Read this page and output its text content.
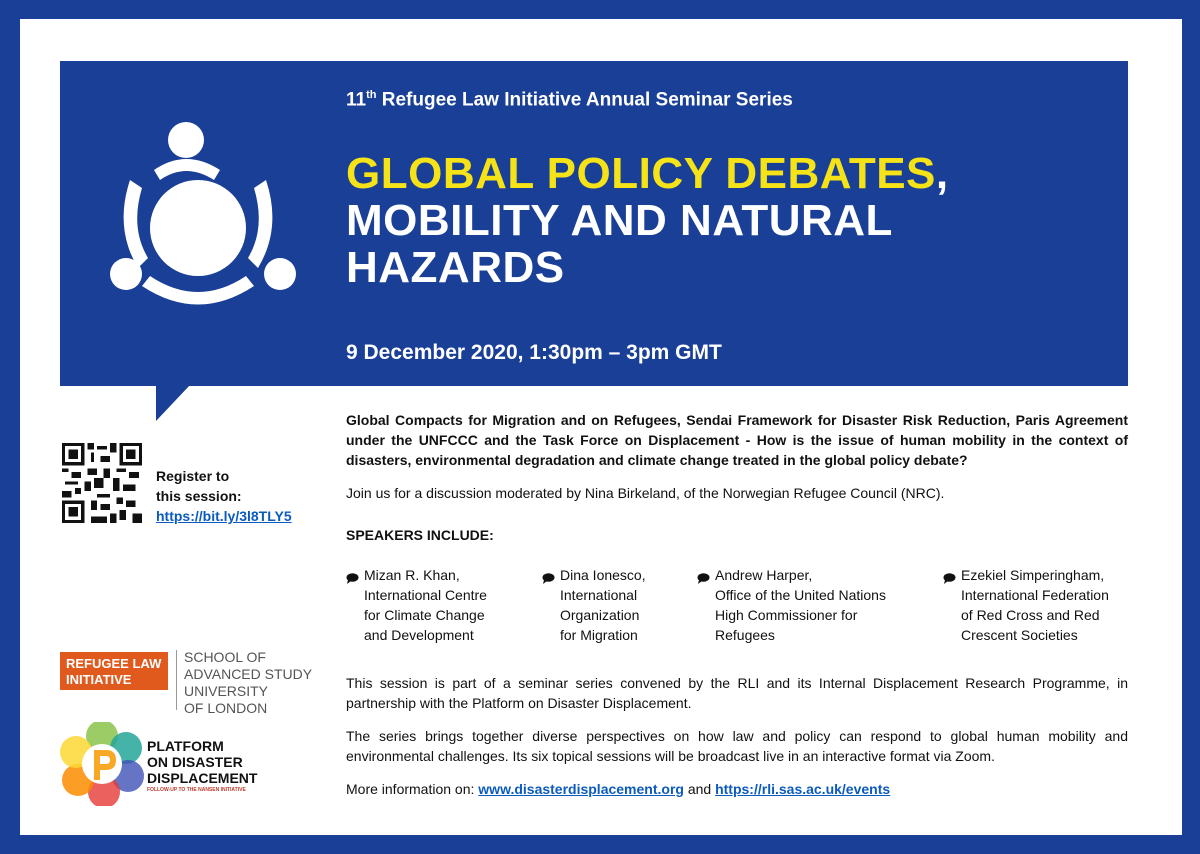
11th Refugee Law Initiative Annual Seminar Series
GLOBAL POLICY DEBATES,
MOBILITY AND NATURAL
HAZARDS
9 December 2020, 1:30pm – 3pm GMT

Global Compacts for Migration and on Refugees, Sendai Framework for Disaster Risk Reduction, Paris Agreement under the UNFCCC and the Task Force on Displacement - How is the issue of human mobility in the context of disasters, environmental degradation and climate change treated in the global policy debate?

Join us for a discussion moderated by Nina Birkeland, of the Norwegian Refugee Council (NRC).

SPEAKERS INCLUDE:

Mizan R. Khan,
International Centre
for Climate Change
and Development
Dina Ionesco,
International
Organization
for Migration
Andrew Harper,
Office of the United Nations
High Commissioner for
Refugees
Ezekiel Simperingham,
International Federation
of Red Cross and Red
Crescent Societies

This session is part of a seminar series convened by the RLI and its Internal Displacement Research Programme, in partnership with the Platform on Disaster Displacement.

The series brings together diverse perspectives on how law and policy can respond to global human mobility and environmental challenges. Its six topical sessions will be broadcast live in an interactive format via Zoom.

More information on: www.disasterdisplacement.org and https://rli.sas.ac.uk/events

Register to
this session:
https://bit.ly/3l8TLY5
REFUGEE LAW
INITIATIVE
SCHOOL OF
ADVANCED STUDY
UNIVERSITY
OF LONDON
PLATFORM
ON DISASTER
DISPLACEMENT
FOLLOW-UP TO THE NANSEN INITIATIVE
